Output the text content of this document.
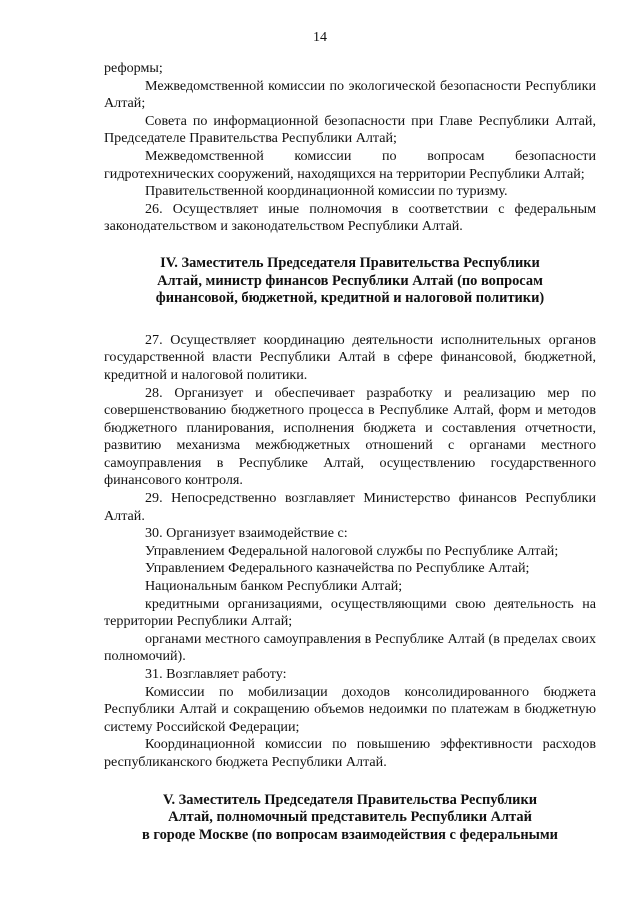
14

реформы;

Межведомственной комиссии по экологической безопасности Республики Алтай;

Совета по информационной безопасности при Главе Республики Алтай, Председателе Правительства Республики Алтай;

Межведомственной комиссии по вопросам безопасности гидротехнических сооружений, находящихся на территории Республики Алтай;

Правительственной координационной комиссии по туризму.

26. Осуществляет иные полномочия в соответствии с федеральным законодательством и законодательством Республики Алтай.

IV. Заместитель Председателя Правительства Республики
Алтай, министр финансов Республики Алтай (по вопросам
финансовой, бюджетной, кредитной и налоговой политики)

27. Осуществляет координацию деятельности исполнительных органов государственной власти Республики Алтай в сфере финансовой, бюджетной, кредитной и налоговой политики.

28. Организует и обеспечивает разработку и реализацию мер по совершенствованию бюджетного процесса в Республике Алтай, форм и методов бюджетного планирования, исполнения бюджета и составления отчетности, развитию механизма межбюджетных отношений с органами местного самоуправления в Республике Алтай, осуществлению государственного финансового контроля.

29. Непосредственно возглавляет Министерство финансов Республики Алтай.

30. Организует взаимодействие с:

Управлением Федеральной налоговой службы по Республике Алтай;

Управлением Федерального казначейства по Республике Алтай;

Национальным банком Республики Алтай;

кредитными организациями, осуществляющими свою деятельность на территории Республики Алтай;

органами местного самоуправления в Республике Алтай (в пределах своих полномочий).

31. Возглавляет работу:

Комиссии по мобилизации доходов консолидированного бюджета Республики Алтай и сокращению объемов недоимки по платежам в бюджетную систему Российской Федерации;

Координационной комиссии по повышению эффективности расходов республиканского бюджета Республики Алтай.

V. Заместитель Председателя Правительства Республики
Алтай, полномочный представитель Республики Алтай
в городе Москве (по вопросам взаимодействия с федеральными
